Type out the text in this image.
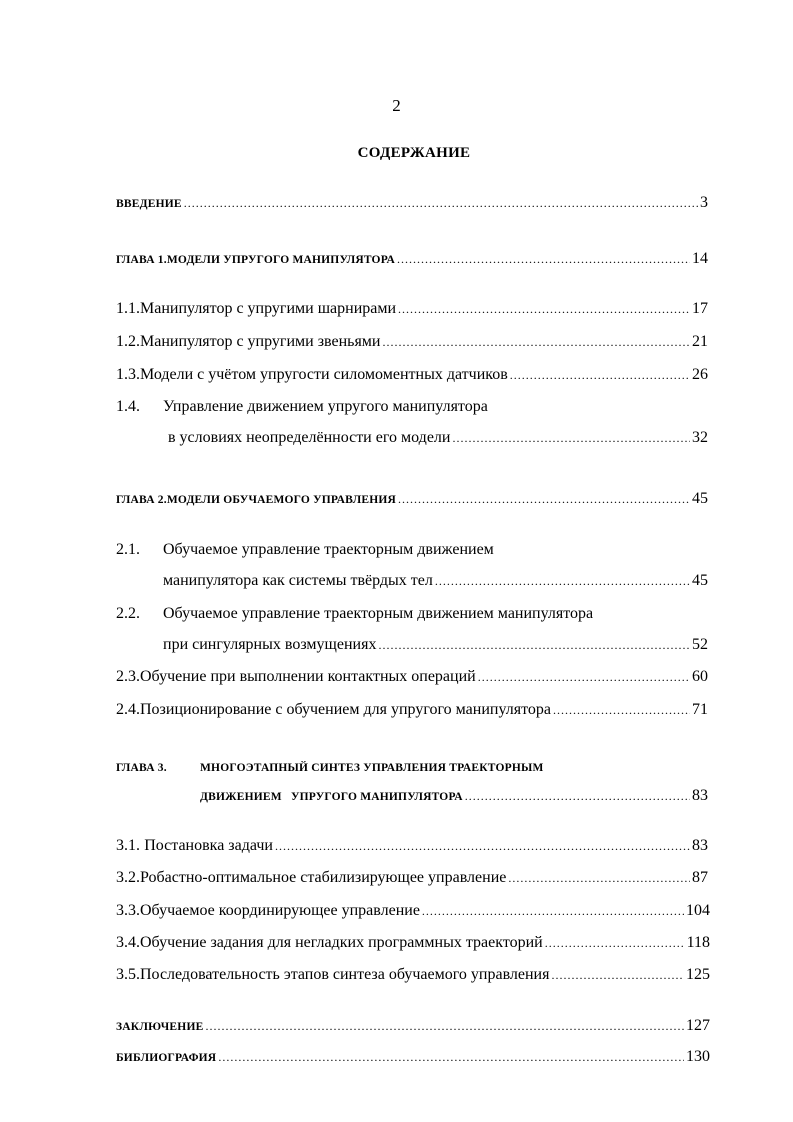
2
СОДЕРЖАНИЕ
ВВЕДЕНИЕ .....	3
ГЛАВА 1. МОДЕЛИ УПРУГОГО МАНИПУЛЯТОРА .....	14
1.1. Манипулятор с упругими шарнирами .....	17
1.2. Манипулятор с упругими звеньями .....	21
1.3. Модели с учётом упругости силомоментных датчиков .....	26
1.4.	Управление движением упругого манипулятора
в условиях неопределённости его модели .....	32
ГЛАВА 2. МОДЕЛИ ОБУЧАЕМОГО УПРАВЛЕНИЯ .....	45
2.1.	Обучаемое управление траекторным движением
манипулятора как системы твёрдых тел .....	45
2.2.	Обучаемое управление траекторным движением манипулятора
при сингулярных возмущениях .....	52
2.3. Обучение при выполнении контактных операций .....	60
2.4. Позиционирование с обучением для упругого манипулятора .....	71
ГЛАВА 3.	МНОГОЭТАПНЫЙ СИНТЕЗ УПРАВЛЕНИЯ ТРАЕКТОРНЫМ
ДВИЖЕНИЕМ   УПРУГОГО МАНИПУЛЯТОРА .....	83
3.1. Постановка задачи .....	83
3.2. Робастно-оптимальное стабилизирующее управление .....	87
3.3. Обучаемое координирующее управление .....	104
3.4. Обучение задания для негладких программных траекторий .....	118
3.5. Последовательность этапов синтеза обучаемого управления .....	125
ЗАКЛЮЧЕНИЕ .....	127
БИБЛИОГРАФИЯ .....	130
